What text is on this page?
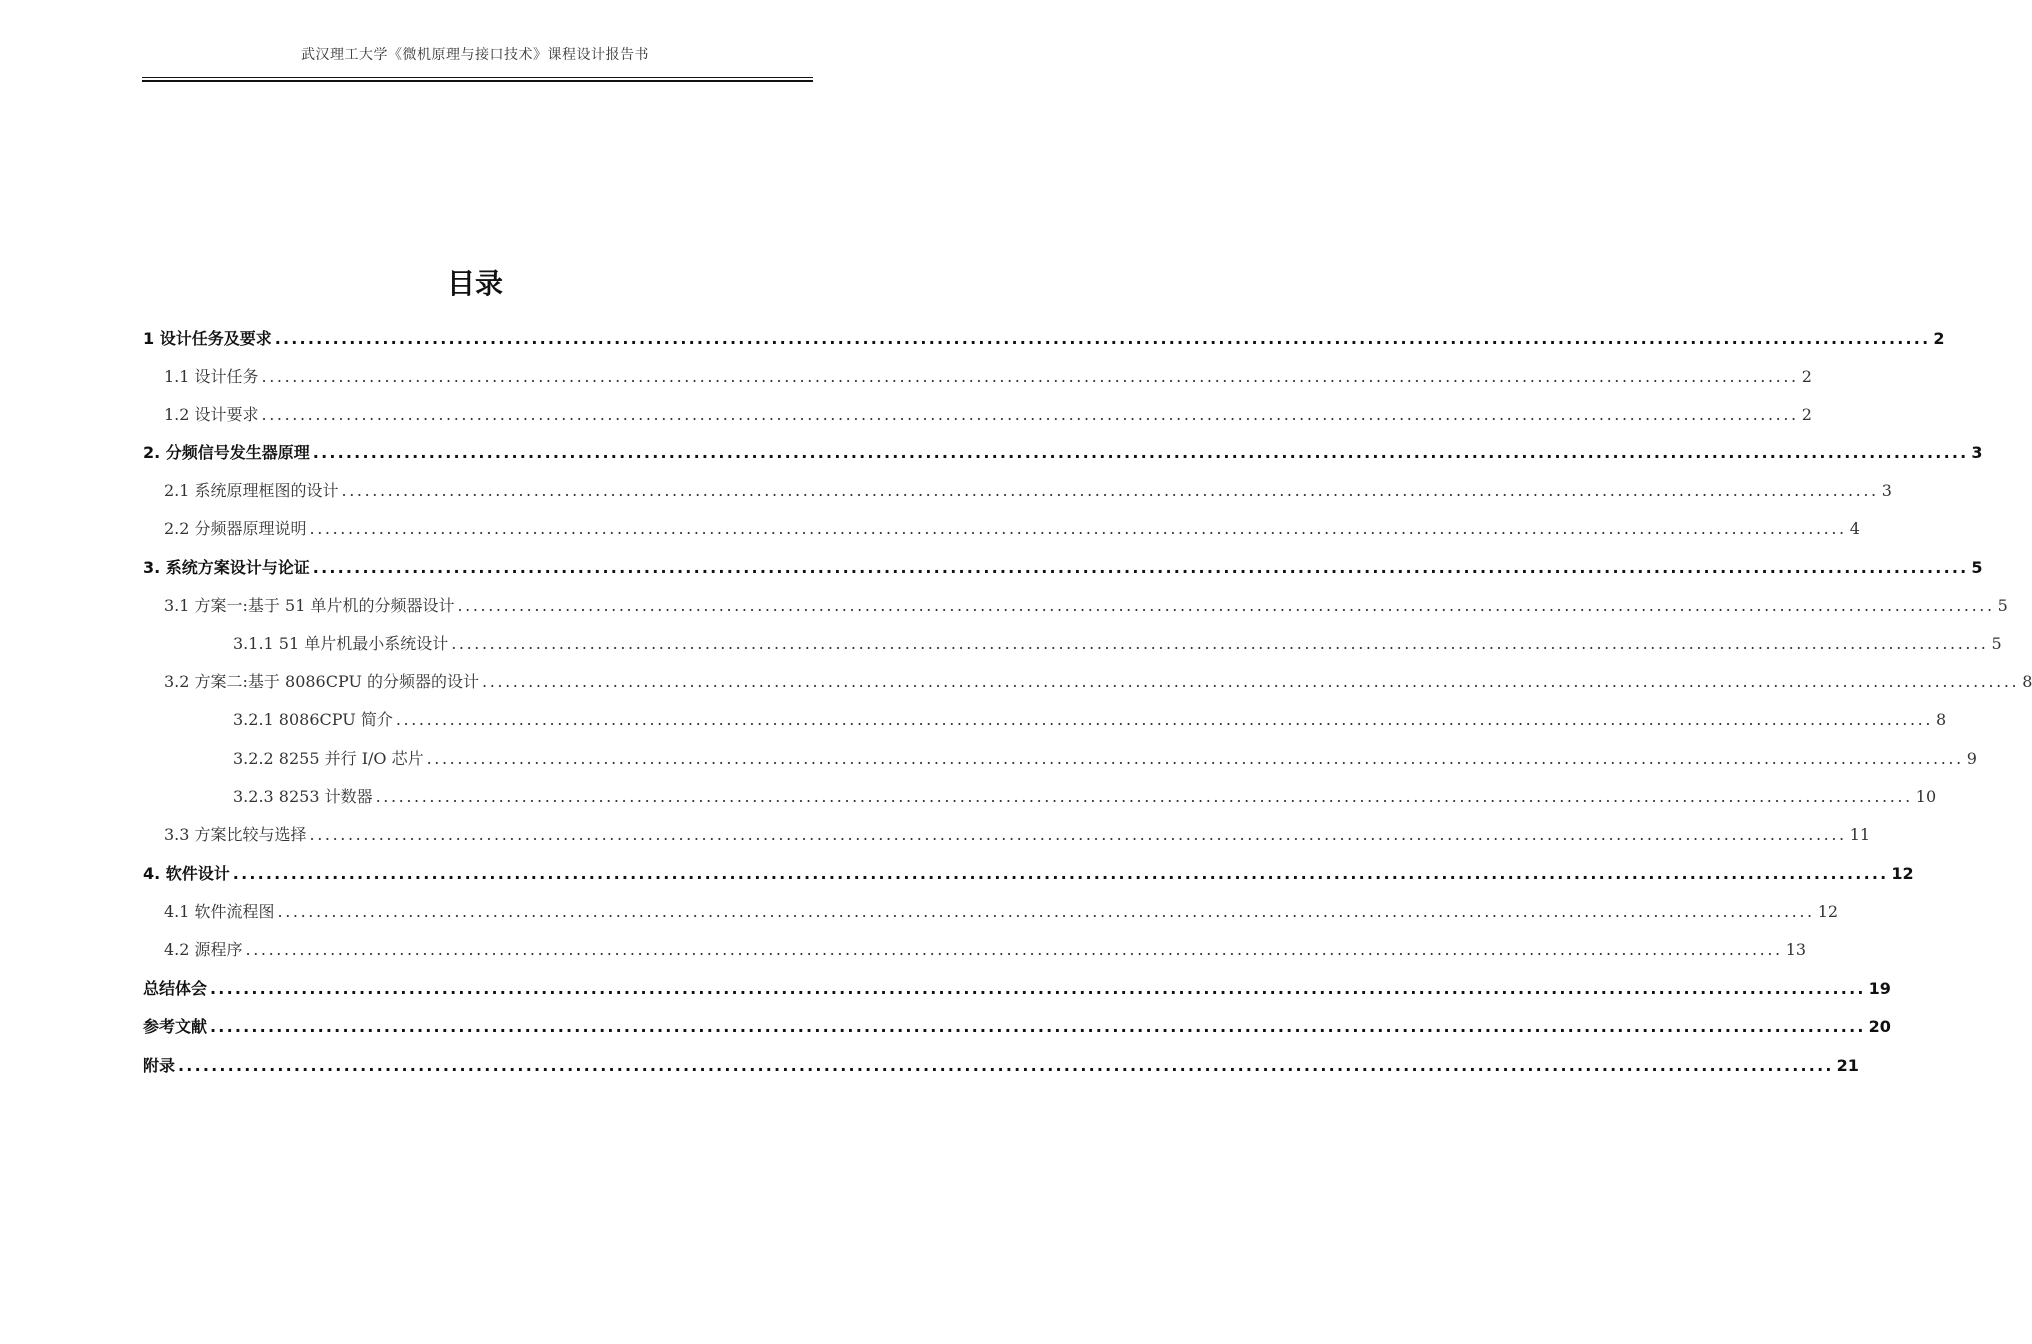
武汉理工大学《微机原理与接口技术》课程设计报告书
目录
1 设计任务及要求 ........................................................................................................................................................................................................ 2
1.1 设计任务 ........................................................................................................................................................................................................ 2
1.2 设计要求 ........................................................................................................................................................................................................ 2
2. 分频信号发生器原理 ........................................................................................................................................................................................................ 3
2.1 系统原理框图的设计 ........................................................................................................................................................................................................ 3
2.2 分频器原理说明 ........................................................................................................................................................................................................ 4
3. 系统方案设计与论证 ........................................................................................................................................................................................................ 5
3.1 方案一:基于 51 单片机的分频器设计 ........................................................................................................................................................................................................ 5
3.1.1 51 单片机最小系统设计 ........................................................................................................................................................................................................ 5
3.2 方案二:基于 8086CPU 的分频器的设计 ........................................................................................................................................................................................................ 8
3.2.1 8086CPU 简介 ........................................................................................................................................................................................................ 8
3.2.2 8255 并行 I/O 芯片 ........................................................................................................................................................................................................ 9
3.2.3 8253 计数器 ........................................................................................................................................................................................................ 10
3.3 方案比较与选择 ........................................................................................................................................................................................................ 11
4. 软件设计 ........................................................................................................................................................................................................ 12
4.1 软件流程图 ........................................................................................................................................................................................................ 12
4.2 源程序 ........................................................................................................................................................................................................ 13
总结体会 ........................................................................................................................................................................................................ 19
参考文献 ........................................................................................................................................................................................................ 20
附录 ........................................................................................................................................................................................................ 21
